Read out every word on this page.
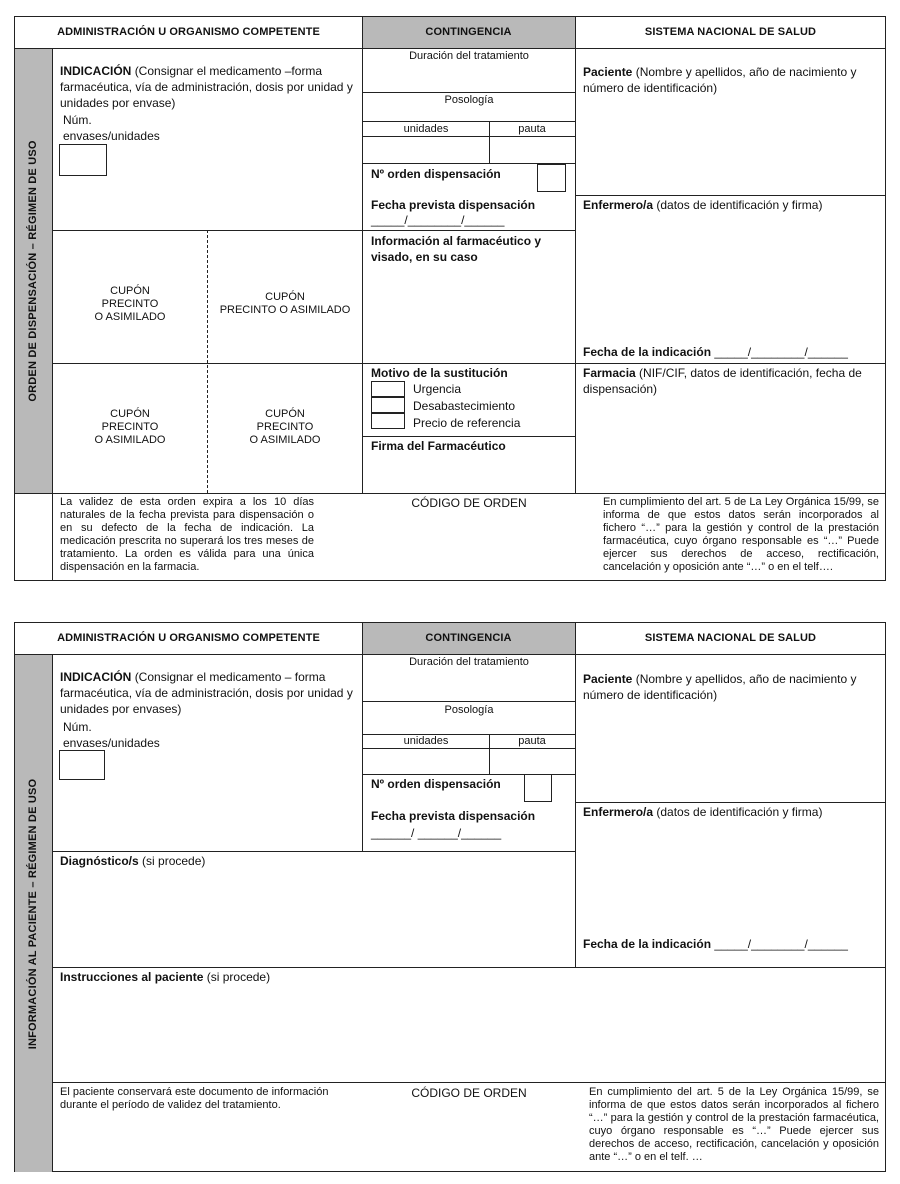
ADMINISTRACIÓN U ORGANISMO COMPETENTE	CONTINGENCIA	SISTEMA NACIONAL DE SALUD
ORDEN DE DISPENSACIÓN – RÉGIMEN DE USO
INDICACIÓN (Consignar el medicamento –forma farmacéutica, vía de administración, dosis por unidad y unidades por envase)
Núm.
envases/unidades
Duración del tratamiento
Posología
unidades	pauta
Nº orden dispensación
Fecha prevista dispensación
_____/________/______
Paciente (Nombre y apellidos, año de nacimiento y número de identificación)
Enfermero/a (datos de identificación y firma)
Fecha de la indicación _____/________/______
CUPÓN
PRECINTO
O ASIMILADO
CUPÓN
PRECINTO O ASIMILADO
Información al farmacéutico y visado, en su caso
CUPÓN
PRECINTO
O ASIMILADO
CUPÓN
PRECINTO
O ASIMILADO
Motivo de la sustitución
Urgencia
Desabastecimiento
Precio de referencia
Firma del Farmacéutico
Farmacia (NIF/CIF, datos de identificación, fecha de dispensación)
La validez de esta orden expira a los 10 días naturales de la fecha prevista para dispensación o en su defecto de la fecha de indicación. La medicación prescrita no superará los tres meses de tratamiento. La orden es válida para una única dispensación en la farmacia.
CÓDIGO DE ORDEN	En cumplimiento del art. 5 de La Ley Orgánica 15/99, se informa de que estos datos serán incorporados al fichero “…” para la gestión y control de la prestación farmacéutica, cuyo órgano responsable es “…” Puede ejercer sus derechos de acceso, rectificación, cancelación y oposición ante “…” o en el telf….
ADMINISTRACIÓN U ORGANISMO COMPETENTE	CONTINGENCIA	SISTEMA NACIONAL DE SALUD
INFORMACIÓN AL PACIENTE – RÉGIMEN DE USO
INDICACIÓN (Consignar el medicamento – forma farmacéutica, vía de administración, dosis por unidad y unidades por envases)
Núm.
envases/unidades
Duración del tratamiento
Posología
unidades	pauta
Nº orden dispensación
Fecha prevista dispensación
______/ ______/______
Paciente (Nombre y apellidos, año de nacimiento y número de identificación)
Enfermero/a (datos de identificación y firma)
Fecha de la indicación _____/________/______
Diagnóstico/s (si procede)
Instrucciones al paciente (si procede)
El paciente conservará este documento de información durante el período de validez del tratamiento.
CÓDIGO DE ORDEN	En cumplimiento del art. 5 de la Ley Orgánica 15/99, se informa de que estos datos serán incorporados al fichero “…” para la gestión y control de la prestación farmacéutica, cuyo órgano responsable es “…” Puede ejercer sus derechos de acceso, rectificación, cancelación y oposición ante “…” o en el telf. …
